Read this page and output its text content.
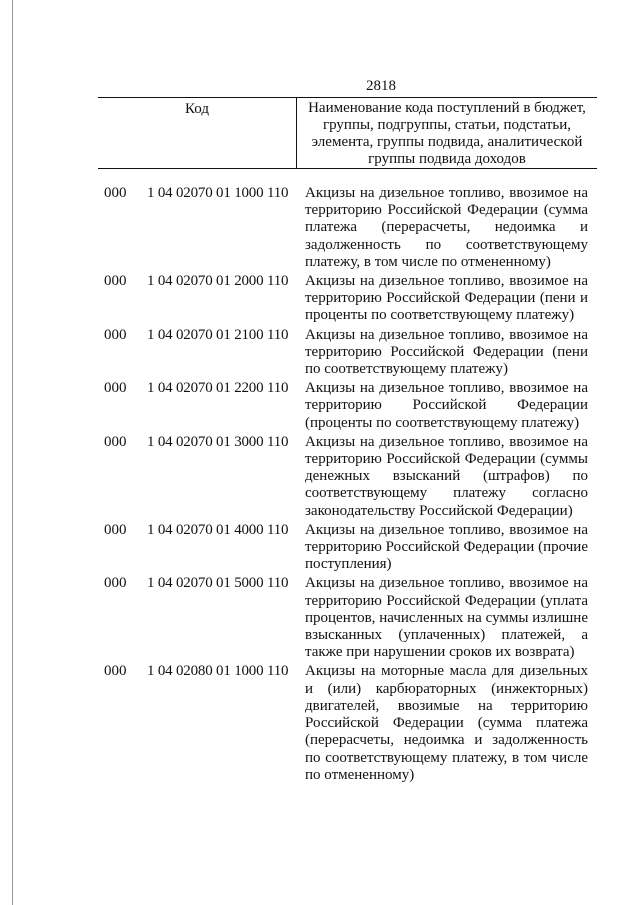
2818
Код	Наименование кода поступлений в бюджет, группы, подгруппы, статьи, подстатьи, элемента, группы подвида, аналитической группы подвида доходов
000 1 04 02070 01 1000 110 Акцизы на дизельное топливо, ввозимое на территорию Российской Федерации (сумма платежа (перерасчеты, недоимка и задолженность по соответствующему платежу, в том числе по отмененному)
000 1 04 02070 01 2000 110 Акцизы на дизельное топливо, ввозимое на территорию Российской Федерации (пени и проценты по соответствующему платежу)
000 1 04 02070 01 2100 110 Акцизы на дизельное топливо, ввозимое на территорию Российской Федерации (пени по соответствующему платежу)
000 1 04 02070 01 2200 110 Акцизы на дизельное топливо, ввозимое на территорию Российской Федерации (проценты по соответствующему платежу)
000 1 04 02070 01 3000 110 Акцизы на дизельное топливо, ввозимое на территорию Российской Федерации (суммы денежных взысканий (штрафов) по соответствующему платежу согласно законодательству Российской Федерации)
000 1 04 02070 01 4000 110 Акцизы на дизельное топливо, ввозимое на территорию Российской Федерации (прочие поступления)
000 1 04 02070 01 5000 110 Акцизы на дизельное топливо, ввозимое на территорию Российской Федерации (уплата процентов, начисленных на суммы излишне взысканных (уплаченных) платежей, а также при нарушении сроков их возврата)
000 1 04 02080 01 1000 110 Акцизы на моторные масла для дизельных и (или) карбюраторных (инжекторных) двигателей, ввозимые на территорию Российской Федерации (сумма платежа (перерасчеты, недоимка и задолженность по соответствующему платежу, в том числе по отмененному)
